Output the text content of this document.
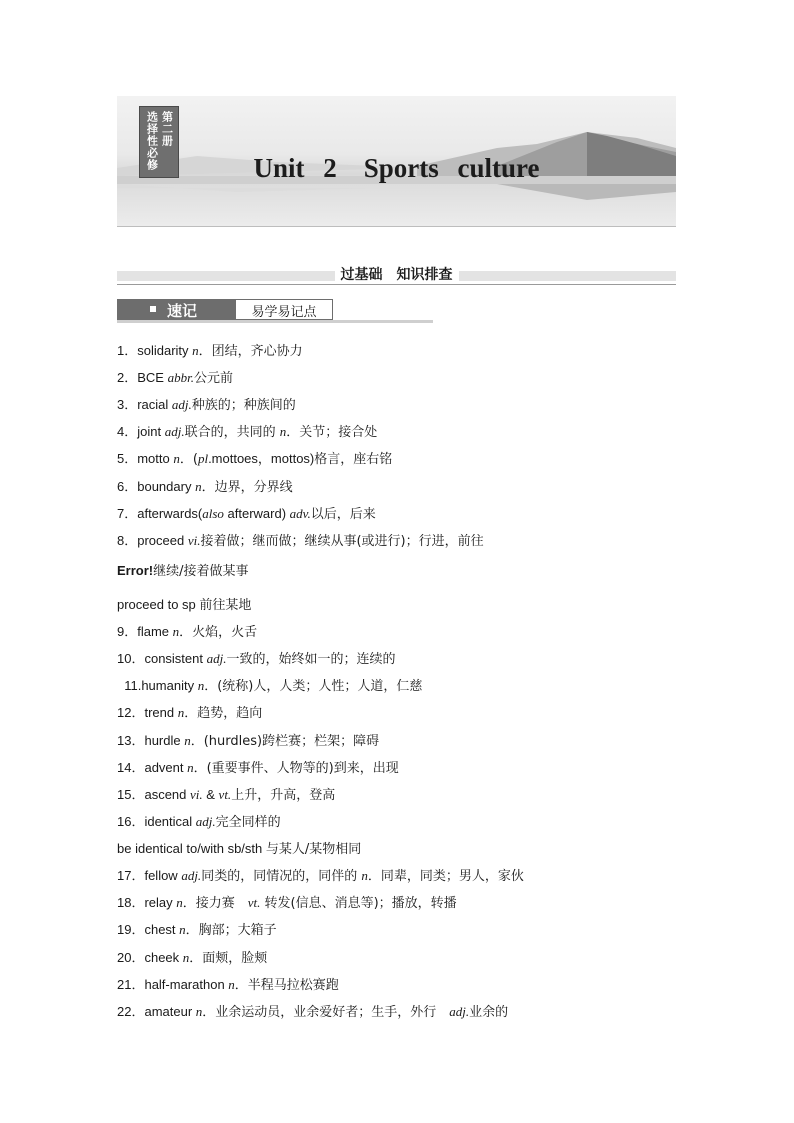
第二册
选择性必修	Unit 2　Sports culture
过基础　知识排查
速记	易学易记点
1．solidarity n．团结，齐心协力
2．BCE abbr.公元前
3．racial adj.种族的；种族间的
4．joint adj.联合的，共同的 n．关节；接合处
5．motto n．(pl.mottoes，mottos)格言，座右铭
6．boundary n．边界，分界线
7．afterwards(also afterward) adv.以后，后来
8．proceed vi.接着做；继而做；继续从事(或进行)；行进，前往
Error!继续/接着做某事
proceed to sp 前往某地
9．flame n．火焰，火舌
10．consistent adj.一致的，始终如一的；连续的
11.humanity n．(统称)人，人类；人性；人道，仁慈
12．trend n．趋势，趋向
13．hurdle n．(hurdles)跨栏赛；栏架；障碍
14．advent n．(重要事件、人物等的)到来，出现
15．ascend vi. & vt.上升，升高，登高
16．identical adj.完全同样的
be identical to/with sb/sth 与某人/某物相同
17．fellow adj.同类的，同情况的，同伴的 n．同辈，同类；男人，家伙
18．relay n．接力赛　vt. 转发(信息、消息等)；播放，转播
19．chest n．胸部；大箱子
20．cheek n．面颊，脸颊
21．half-marathon n．半程马拉松赛跑
22．amateur n．业余运动员，业余爱好者；生手，外行　adj.业余的
